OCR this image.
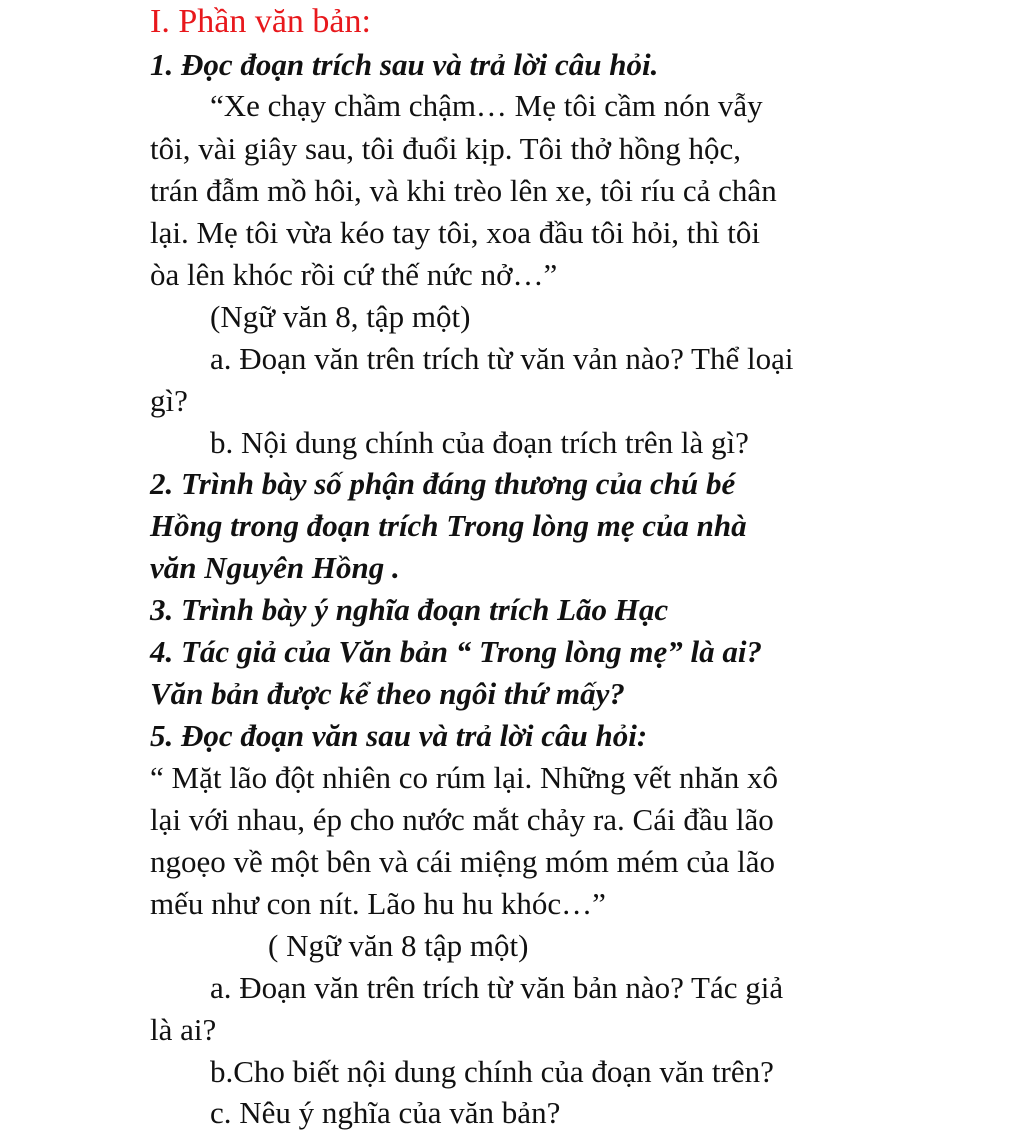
I. Phần văn bản:
1. Đọc đoạn trích sau và trả lời câu hỏi.
“Xe chạy chầm chậm… Mẹ tôi cầm nón vẫy
tôi, vài giây sau, tôi đuổi kịp. Tôi thở hồng hộc,
trán đẫm mồ hôi, và khi trèo lên xe, tôi ríu cả chân
lại. Mẹ tôi vừa kéo tay tôi, xoa đầu tôi hỏi, thì tôi
òa lên khóc rồi cứ thế nức nở…”
(Ngữ văn 8, tập một)
a. Đoạn văn trên trích từ văn vản nào? Thể loại
gì?
b. Nội dung chính của đoạn trích trên là gì?
2. Trình bày số phận đáng thương của chú bé
Hồng trong đoạn trích Trong lòng mẹ của nhà
văn Nguyên Hồng .
3. Trình bày ý nghĩa đoạn trích Lão Hạc
4. Tác giả của Văn bản “ Trong lòng mẹ” là ai?
Văn bản được kể theo ngôi thứ mấy?
5. Đọc đoạn văn sau và trả lời câu hỏi:
“ Mặt lão đột nhiên co rúm lại. Những vết nhăn xô
lại với nhau, ép cho nước mắt chảy ra. Cái đầu lão
ngoẹo về một bên và cái miệng móm mém của lão
mếu như con nít. Lão hu hu khóc…”
( Ngữ văn 8 tập một)
a. Đoạn văn trên trích từ văn bản nào? Tác giả
là ai?
b.Cho biết nội dung chính của đoạn văn trên?
c. Nêu ý nghĩa của văn bản?
